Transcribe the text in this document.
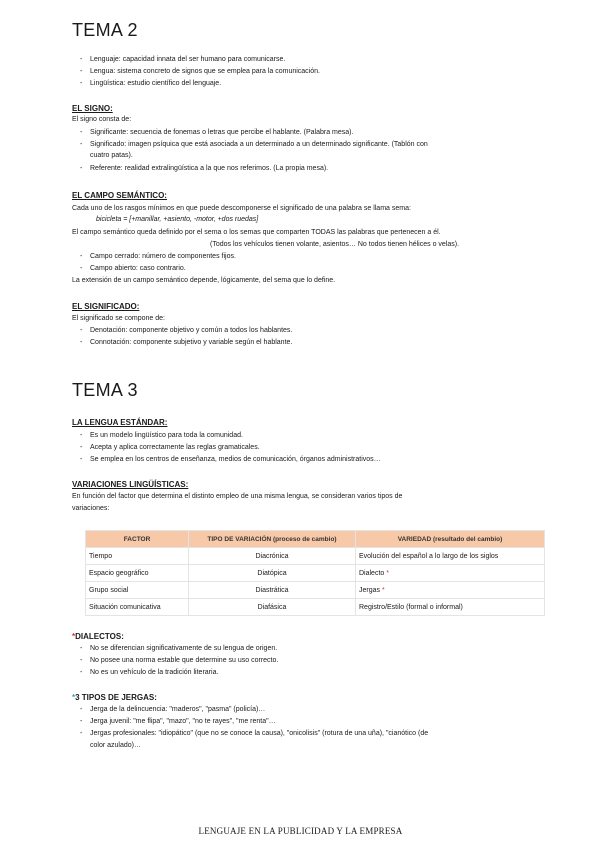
TEMA 2
- Lenguaje: capacidad innata del ser humano para comunicarse.
- Lengua: sistema concreto de signos que se emplea para la comunicación.
- Lingüística: estudio científico del lenguaje.
EL SIGNO:
El signo consta de:
- Significante: secuencia de fonemas o letras que percibe el hablante. (Palabra mesa).
- Significado: imagen psíquica que está asociada a un determinado a un determinado significante. (Tablón con
cuatro patas).
- Referente: realidad extralingüística a la que nos referimos. (La propia mesa).
EL CAMPO SEMÁNTICO:
Cada uno de los rasgos mínimos en que puede descomponerse el significado de una palabra se llama sema:
bicicleta = [+manillar, +asiento, -motor, +dos ruedas]
El campo semántico queda definido por el sema o los semas que comparten TODAS las palabras que pertenecen a él.
(Todos los vehículos tienen volante, asientos… No todos tienen hélices o velas).
- Campo cerrado: número de componentes fijos.
- Campo abierto: caso contrario.
La extensión de un campo semántico depende, lógicamente, del sema que lo define.
EL SIGNIFICADO:
El significado se compone de:
- Denotación: componente objetivo y común a todos los hablantes.
- Connotación: componente subjetivo y variable según el hablante.
TEMA 3
LA LENGUA ESTÁNDAR:
- Es un modelo lingüístico para toda la comunidad.
- Acepta y aplica correctamente las reglas gramaticales.
- Se emplea en los centros de enseñanza, medios de comunicación, órganos administrativos…
VARIACIONES LINGÜÍSTICAS:
En función del factor que determina el distinto empleo de una misma lengua, se consideran varios tipos de
variaciones:
FACTOR	TIPO DE VARIACIÓN (proceso de cambio)	VARIEDAD (resultado del cambio)
Tiempo	Diacrónica	Evolución del español a lo largo de los siglos
Espacio geográfico	Diatópica	Dialecto *
Grupo social	Diastrática	Jergas *
Situación comunicativa	Diafásica	Registro/Estilo (formal o informal)
*DIALECTOS:
- No se diferencian significativamente de su lengua de origen.
- No posee una norma estable que determine su uso correcto.
- No es un vehículo de la tradición literaria.
*3 TIPOS DE JERGAS:
- Jerga de la delincuencia: "maderos", "pasma" (policía)…
- Jerga juvenil: "me flipa", "mazo", "no te rayes", "me renta"…
- Jergas profesionales: "idiopático" (que no se conoce la causa), "onicolisis" (rotura de una uña), "cianótico (de
color azulado)…
LENGUAJE EN LA PUBLICIDAD Y LA EMPRESA
